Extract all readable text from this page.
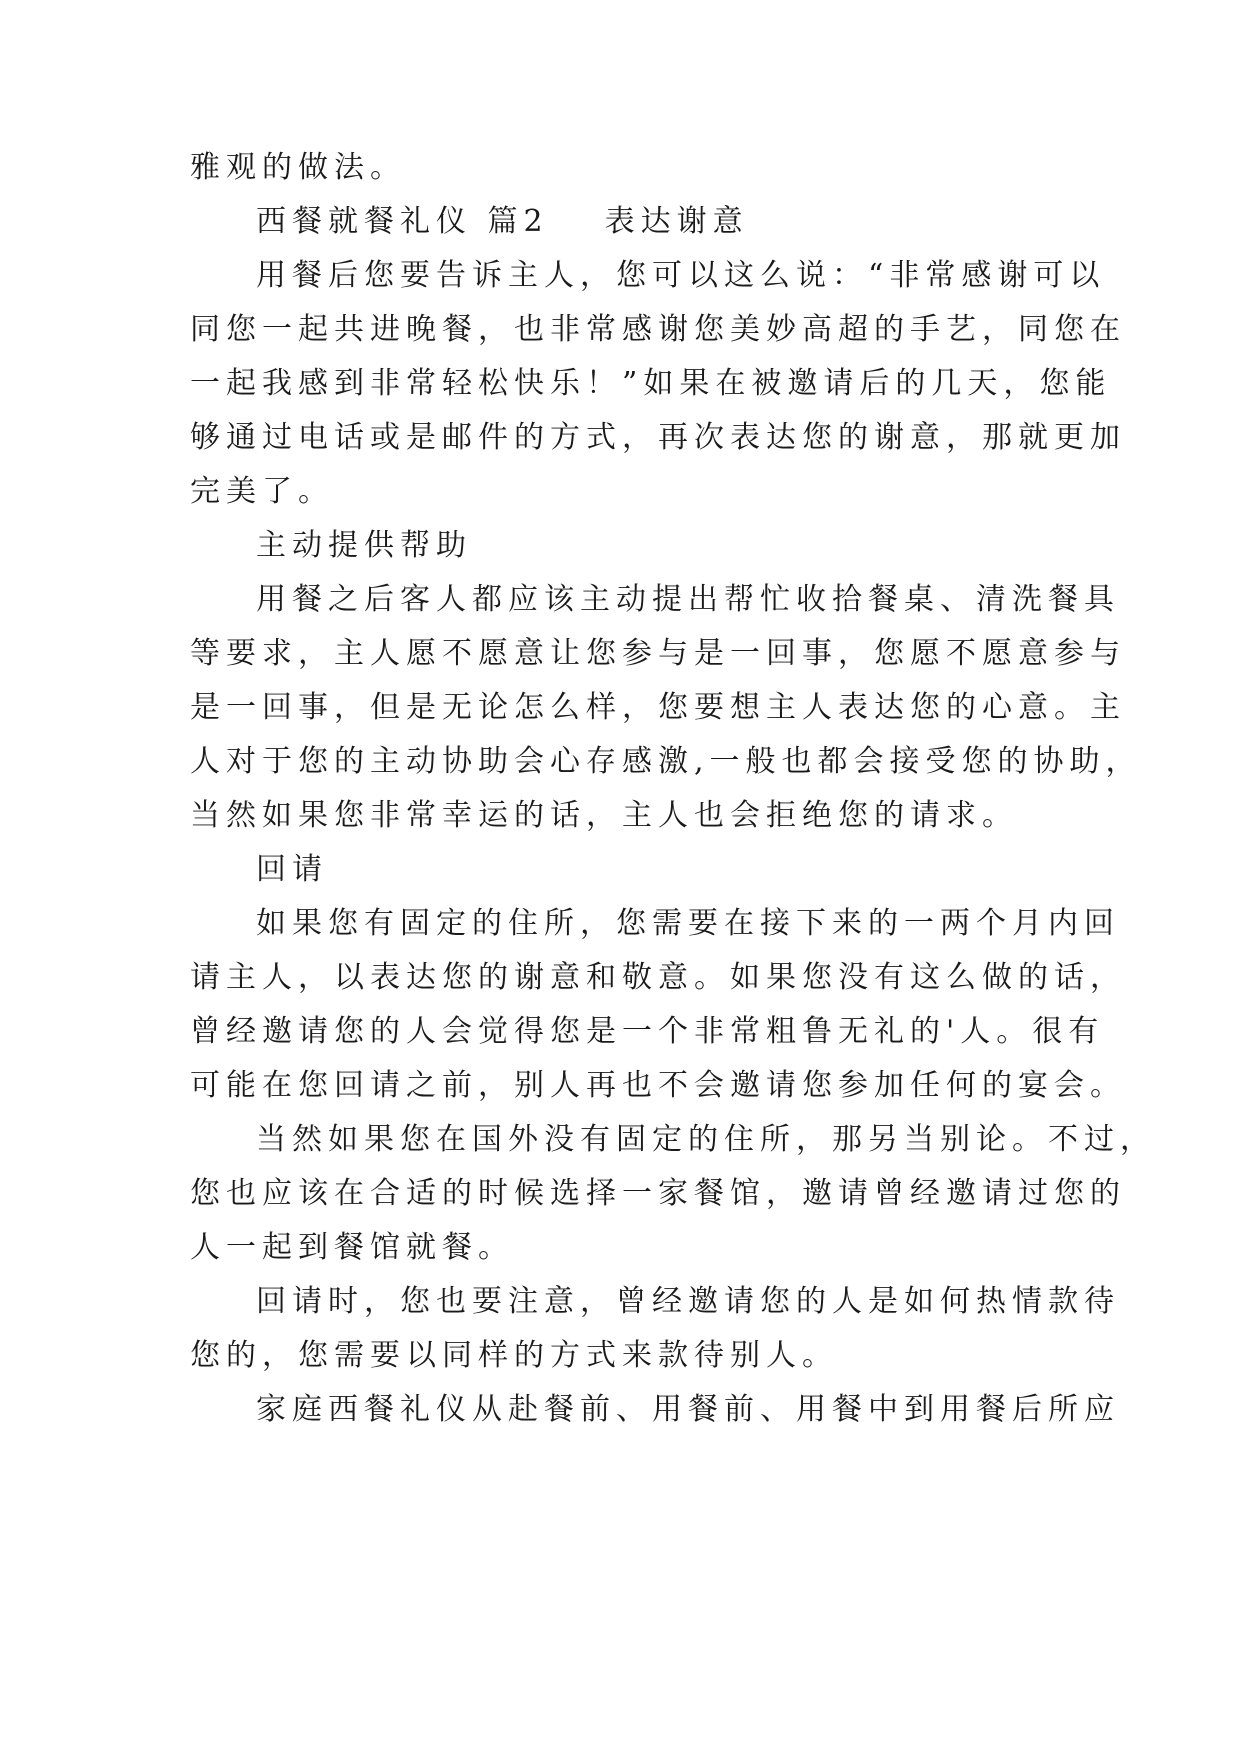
雅观的做法。
西餐就餐礼仪 篇2 表达谢意
用餐后您要告诉主人，您可以这么说：“非常感谢可以
同您一起共进晚餐，也非常感谢您美妙高超的手艺，同您在
一起我感到非常轻松快乐！”如果在被邀请后的几天，您能
够通过电话或是邮件的方式，再次表达您的谢意，那就更加
完美了。
主动提供帮助
用餐之后客人都应该主动提出帮忙收拾餐桌、清洗餐具
等要求，主人愿不愿意让您参与是一回事，您愿不愿意参与
是一回事，但是无论怎么样，您要想主人表达您的心意。主
人对于您的主动协助会心存感激,一般也都会接受您的协助，
当然如果您非常幸运的话，主人也会拒绝您的请求。
回请
如果您有固定的住所，您需要在接下来的一两个月内回
请主人，以表达您的谢意和敬意。如果您没有这么做的话，
曾经邀请您的人会觉得您是一个非常粗鲁无礼的'人。很有
可能在您回请之前，别人再也不会邀请您参加任何的宴会。
当然如果您在国外没有固定的住所，那另当别论。不过，
您也应该在合适的时候选择一家餐馆，邀请曾经邀请过您的
人一起到餐馆就餐。
回请时，您也要注意，曾经邀请您的人是如何热情款待
您的，您需要以同样的方式来款待别人。
家庭西餐礼仪从赴餐前、用餐前、用餐中到用餐后所应
